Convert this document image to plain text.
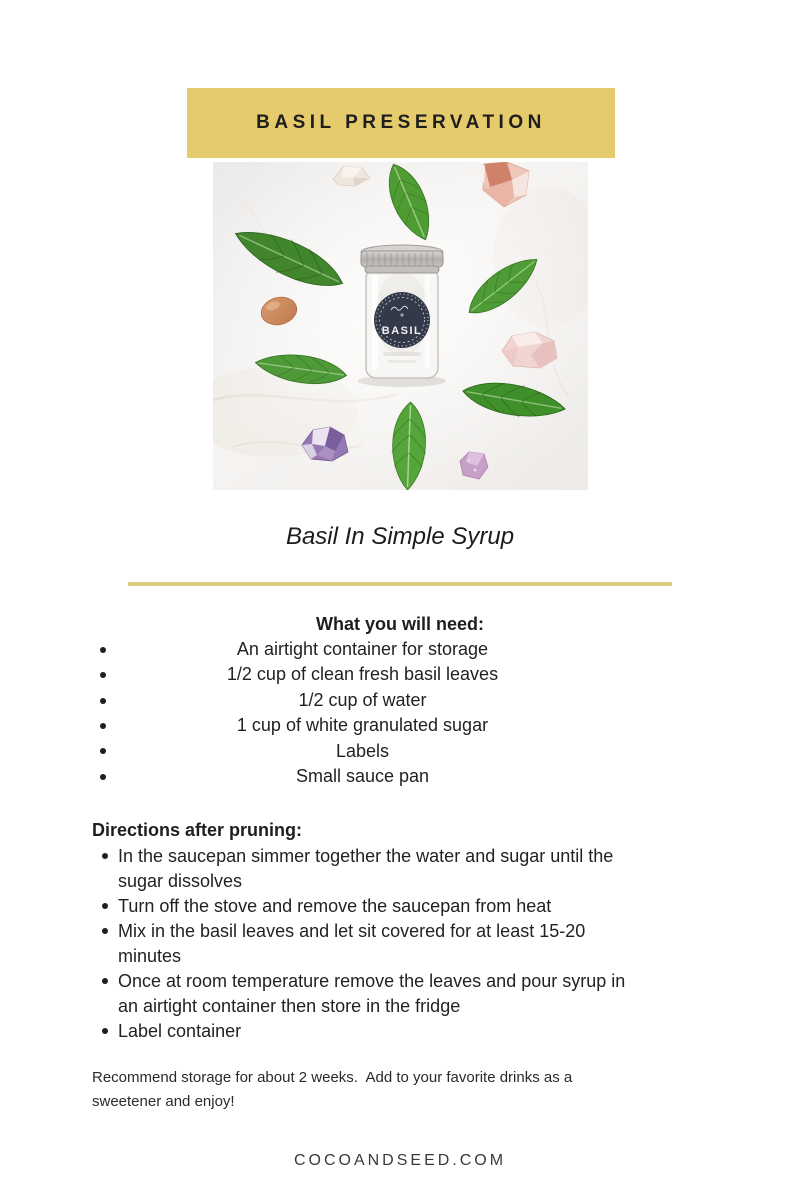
BASIL PRESERVATION
BASIL
Basil In Simple Syrup
What you will need:
An airtight container for storage
1/2 cup of clean fresh basil leaves
1/2 cup of water
1 cup of white granulated sugar
Labels
Small sauce pan
Directions after pruning:
In the saucepan simmer together the water and sugar until the sugar dissolves
Turn off the stove and remove the saucepan from heat
Mix in the basil leaves and let sit covered for at least 15-20 minutes
Once at room temperature remove the leaves and pour syrup in an airtight container then store in the fridge
Label container
Recommend storage for about 2 weeks.  Add to your favorite drinks as a sweetener and enjoy!
COCOANDSEED.COM
